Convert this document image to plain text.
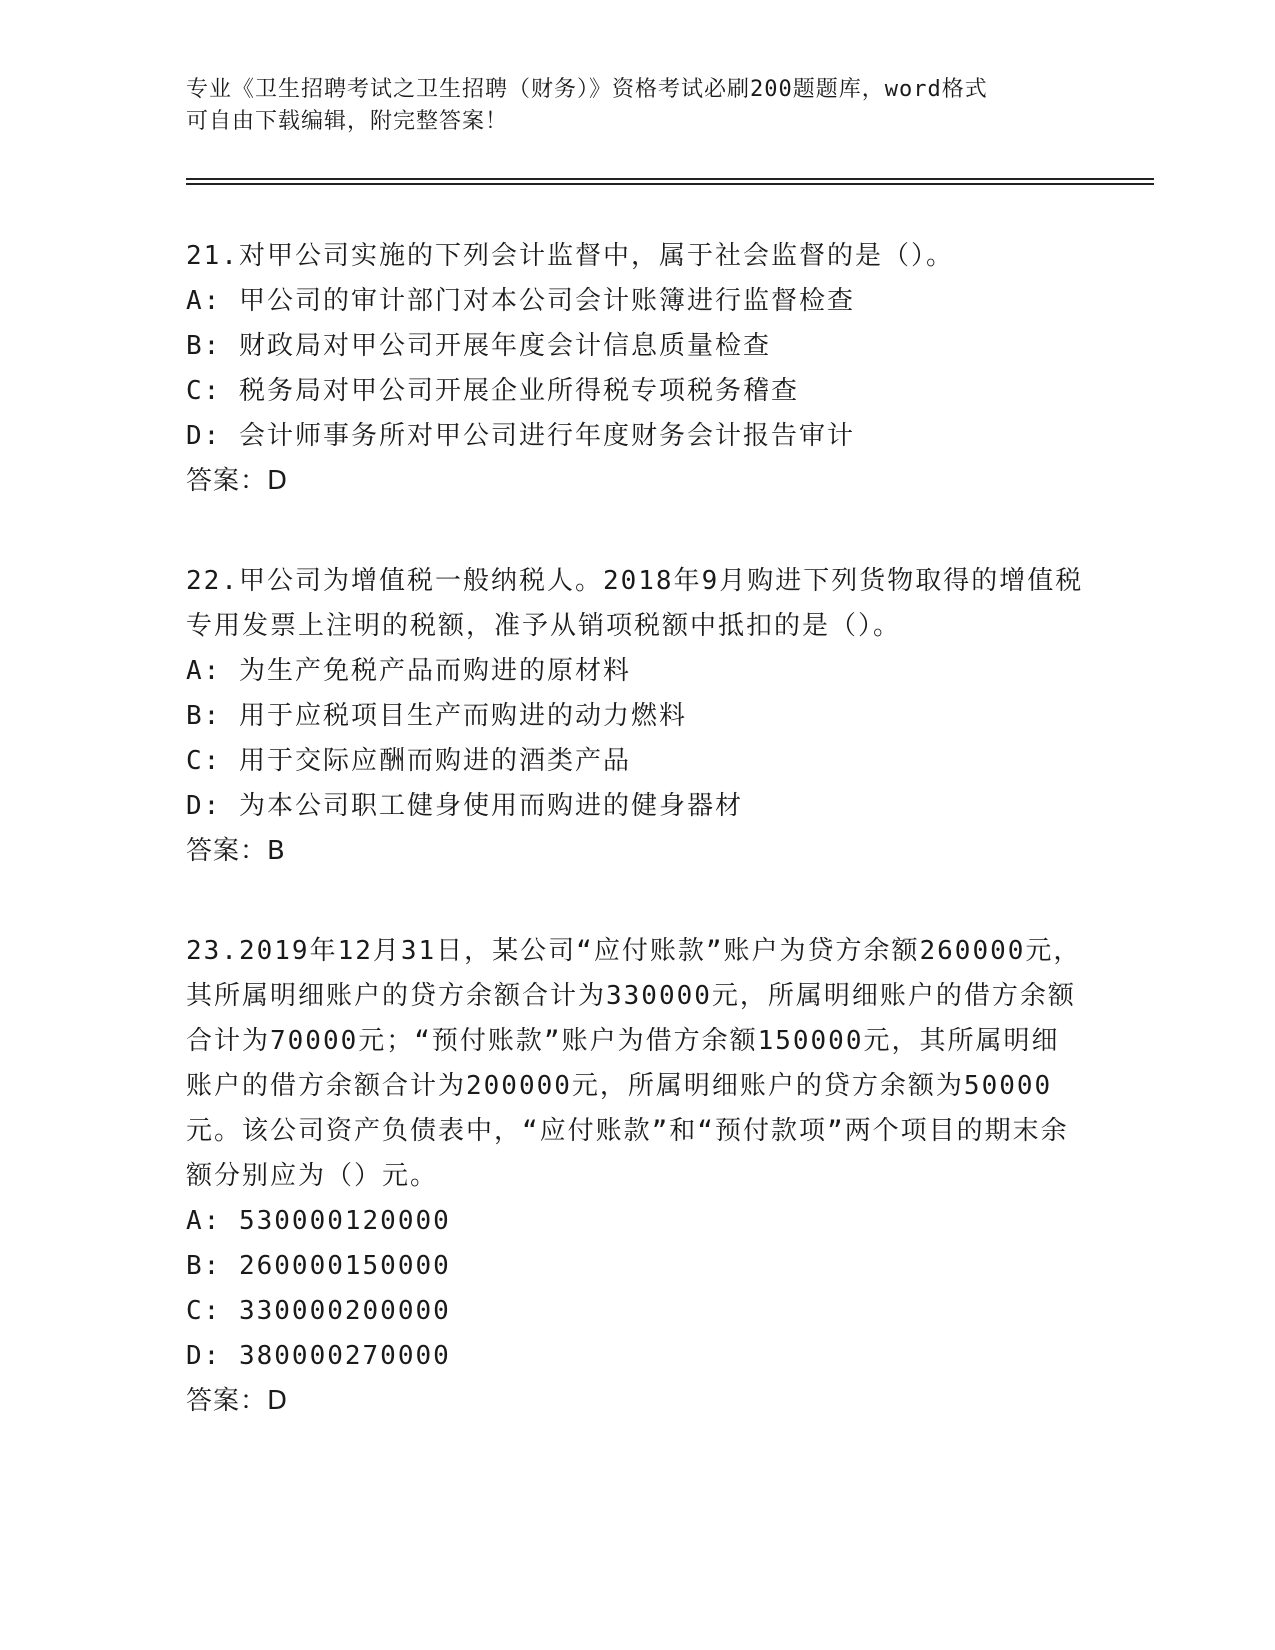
专业《卫生招聘考试之卫生招聘（财务）》资格考试必刷200题题库，word格式
可自由下载编辑，附完整答案！

21.对甲公司实施的下列会计监督中，属于社会监督的是（）。

A: 甲公司的审计部门对本公司会计账簿进行监督检查

B: 财政局对甲公司开展年度会计信息质量检查

C: 税务局对甲公司开展企业所得税专项税务稽查

D: 会计师事务所对甲公司进行年度财务会计报告审计

答案：D

22.甲公司为增值税一般纳税人。2018年9月购进下列货物取得的增值税专用发票上注明的税额，准予从销项税额中抵扣的是（）。

A: 为生产免税产品而购进的原材料

B: 用于应税项目生产而购进的动力燃料

C: 用于交际应酬而购进的酒类产品

D: 为本公司职工健身使用而购进的健身器材

答案：B

23.2019年12月31日，某公司“应付账款”账户为贷方余额260000元，其所属明细账户的贷方余额合计为330000元，所属明细账户的借方余额合计为70000元；“预付账款”账户为借方余额150000元，其所属明细账户的借方余额合计为200000元，所属明细账户的贷方余额为50000元。该公司资产负债表中，“应付账款”和“预付款项”两个项目的期末余额分别应为（）元。

A: 530000120000

B: 260000150000

C: 330000200000

D: 380000270000

答案：D
